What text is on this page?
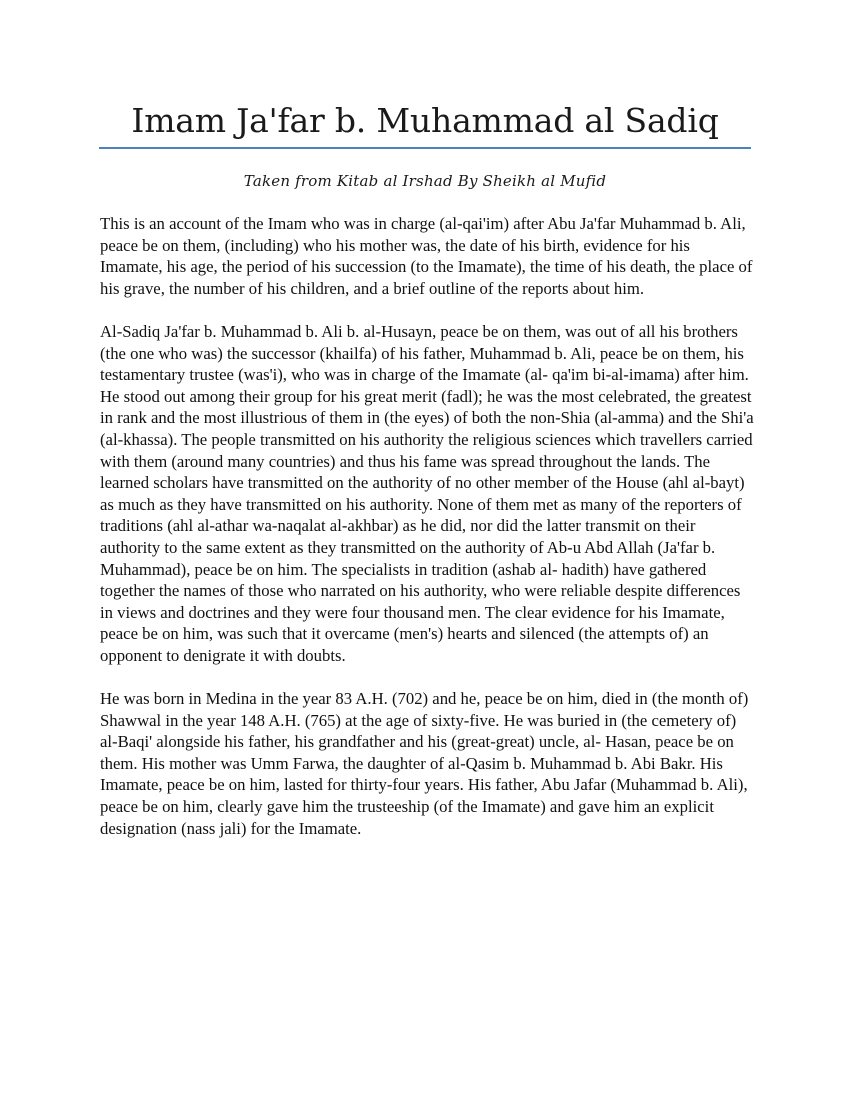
Imam Ja'far b. Muhammad al Sadiq

Taken from Kitab al Irshad By Sheikh al Mufid

This is an account of the Imam who was in charge (al-qai'im) after Abu Ja'far Muhammad b. Ali, peace be on them, (including) who his mother was, the date of his birth, evidence for his Imamate, his age, the period of his succession (to the Imamate), the time of his death, the place of his grave, the number of his children, and a brief outline of the reports about him.

Al-Sadiq Ja'far b. Muhammad b. Ali b. al-Husayn, peace be on them, was out of all his brothers (the one who was) the successor (khailfa) of his father, Muhammad b. Ali, peace be on them, his testamentary trustee (was'i), who was in charge of the Imamate (al- qa'im bi-al-imama) after him. He stood out among their group for his great merit (fadl); he was the most celebrated, the greatest in rank and the most illustrious of them in (the eyes) of both the non-Shia (al-amma) and the Shi'a (al-khassa). The people transmitted on his authority the religious sciences which travellers carried with them (around many countries) and thus his fame was spread throughout the lands. The learned scholars have transmitted on the authority of no other member of the House (ahl al-bayt) as much as they have transmitted on his authority. None of them met as many of the reporters of traditions (ahl al-athar wa-naqalat al-akhbar) as he did, nor did the latter transmit on their authority to the same extent as they transmitted on the authority of Ab-u Abd Allah (Ja'far b. Muhammad), peace be on him. The specialists in tradition (ashab al- hadith) have gathered together the names of those who narrated on his authority, who were reliable despite differences in views and doctrines and they were four thousand men. The clear evidence for his Imamate, peace be on him, was such that it overcame (men's) hearts and silenced (the attempts of) an opponent to denigrate it with doubts.

He was born in Medina in the year 83 A.H. (702) and he, peace be on him, died in (the month of) Shawwal in the year 148 A.H. (765) at the age of sixty-five. He was buried in (the cemetery of) al-Baqi' alongside his father, his grandfather and his (great-great) uncle, al- Hasan, peace be on them. His mother was Umm Farwa, the daughter of al-Qasim b. Muhammad b. Abi Bakr. His Imamate, peace be on him, lasted for thirty-four years. His father, Abu Jafar (Muhammad b. Ali), peace be on him, clearly gave him the trusteeship (of the Imamate) and gave him an explicit designation (nass jali) for the Imamate.
